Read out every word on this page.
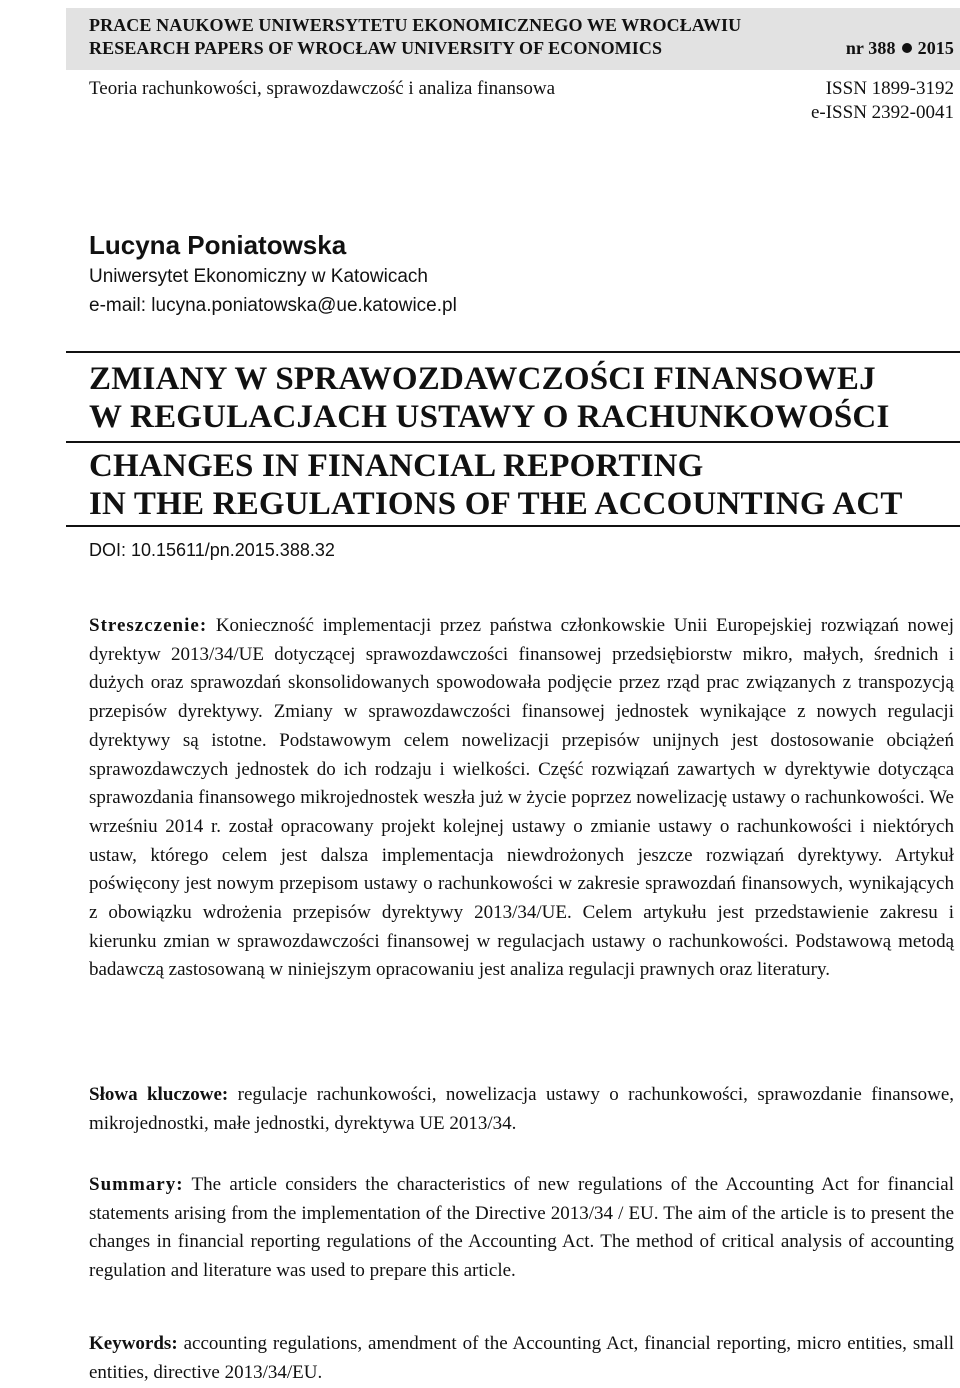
PRACE NAUKOWE UNIWERSYTETU EKONOMICZNEGO WE WROCŁAWIU
RESEARCH PAPERS OF WROCŁAW UNIVERSITY OF ECONOMICS	nr 388 2015
Teoria rachunkowości, sprawozdawczość i analiza finansowa	ISSN 1899-3192
e-ISSN 2392-0041
Lucyna Poniatowska
Uniwersytet Ekonomiczny w Katowicach
e-mail: lucyna.poniatowska@ue.katowice.pl
ZMIANY W SPRAWOZDAWCZOŚCI FINANSOWEJ
W REGULACJACH USTAWY O RACHUNKOWOŚCI
CHANGES IN FINANCIAL REPORTING
IN THE REGULATIONS OF THE ACCOUNTING ACT
DOI: 10.15611/pn.2015.388.32
Streszczenie: Konieczność implementacji przez państwa członkowskie Unii Europejskiej rozwiązań nowej dyrektyw 2013/34/UE dotyczącej sprawozdawczości finansowej przedsiębiorstw mikro, małych, średnich i dużych oraz sprawozdań skonsolidowanych spowodowała podjęcie przez rząd prac związanych z transpozycją przepisów dyrektywy. Zmiany w sprawozdawczości finansowej jednostek wynikające z nowych regulacji dyrektywy są istotne. Podstawowym celem nowelizacji przepisów unijnych jest dostosowanie obciążeń sprawozdawczych jednostek do ich rodzaju i wielkości. Część rozwiązań zawartych w dyrektywie dotycząca sprawozdania finansowego mikrojednostek weszła już w życie poprzez nowelizację ustawy o rachunkowości. We wrześniu 2014 r. został opracowany projekt kolejnej ustawy o zmianie ustawy o rachunkowości i niektórych ustaw, którego celem jest dalsza implementacja niewdrożonych jeszcze rozwiązań dyrektywy. Artykuł poświęcony jest nowym przepisom ustawy o rachunkowości w zakresie sprawozdań finansowych, wynikających z obowiązku wdrożenia przepisów dyrektywy 2013/34/UE. Celem artykułu jest przedstawienie zakresu i kierunku zmian w sprawozdawczości finansowej w regulacjach ustawy o rachunkowości. Podstawową metodą badawczą zastosowaną w niniejszym opracowaniu jest analiza regulacji prawnych oraz literatury.
Słowa kluczowe: regulacje rachunkowości, nowelizacja ustawy o rachunkowości, sprawozdanie finansowe, mikrojednostki, małe jednostki, dyrektywa UE 2013/34.
Summary: The article considers the characteristics of new regulations of the Accounting Act for financial statements arising from the implementation of the Directive 2013/34 / EU. The aim of the article is to present the changes in financial reporting regulations of the Accounting Act. The method of critical analysis of accounting regulation and literature was used to prepare this article.
Keywords: accounting regulations, amendment of the Accounting Act, financial reporting, micro entities, small entities, directive 2013/34/EU.
